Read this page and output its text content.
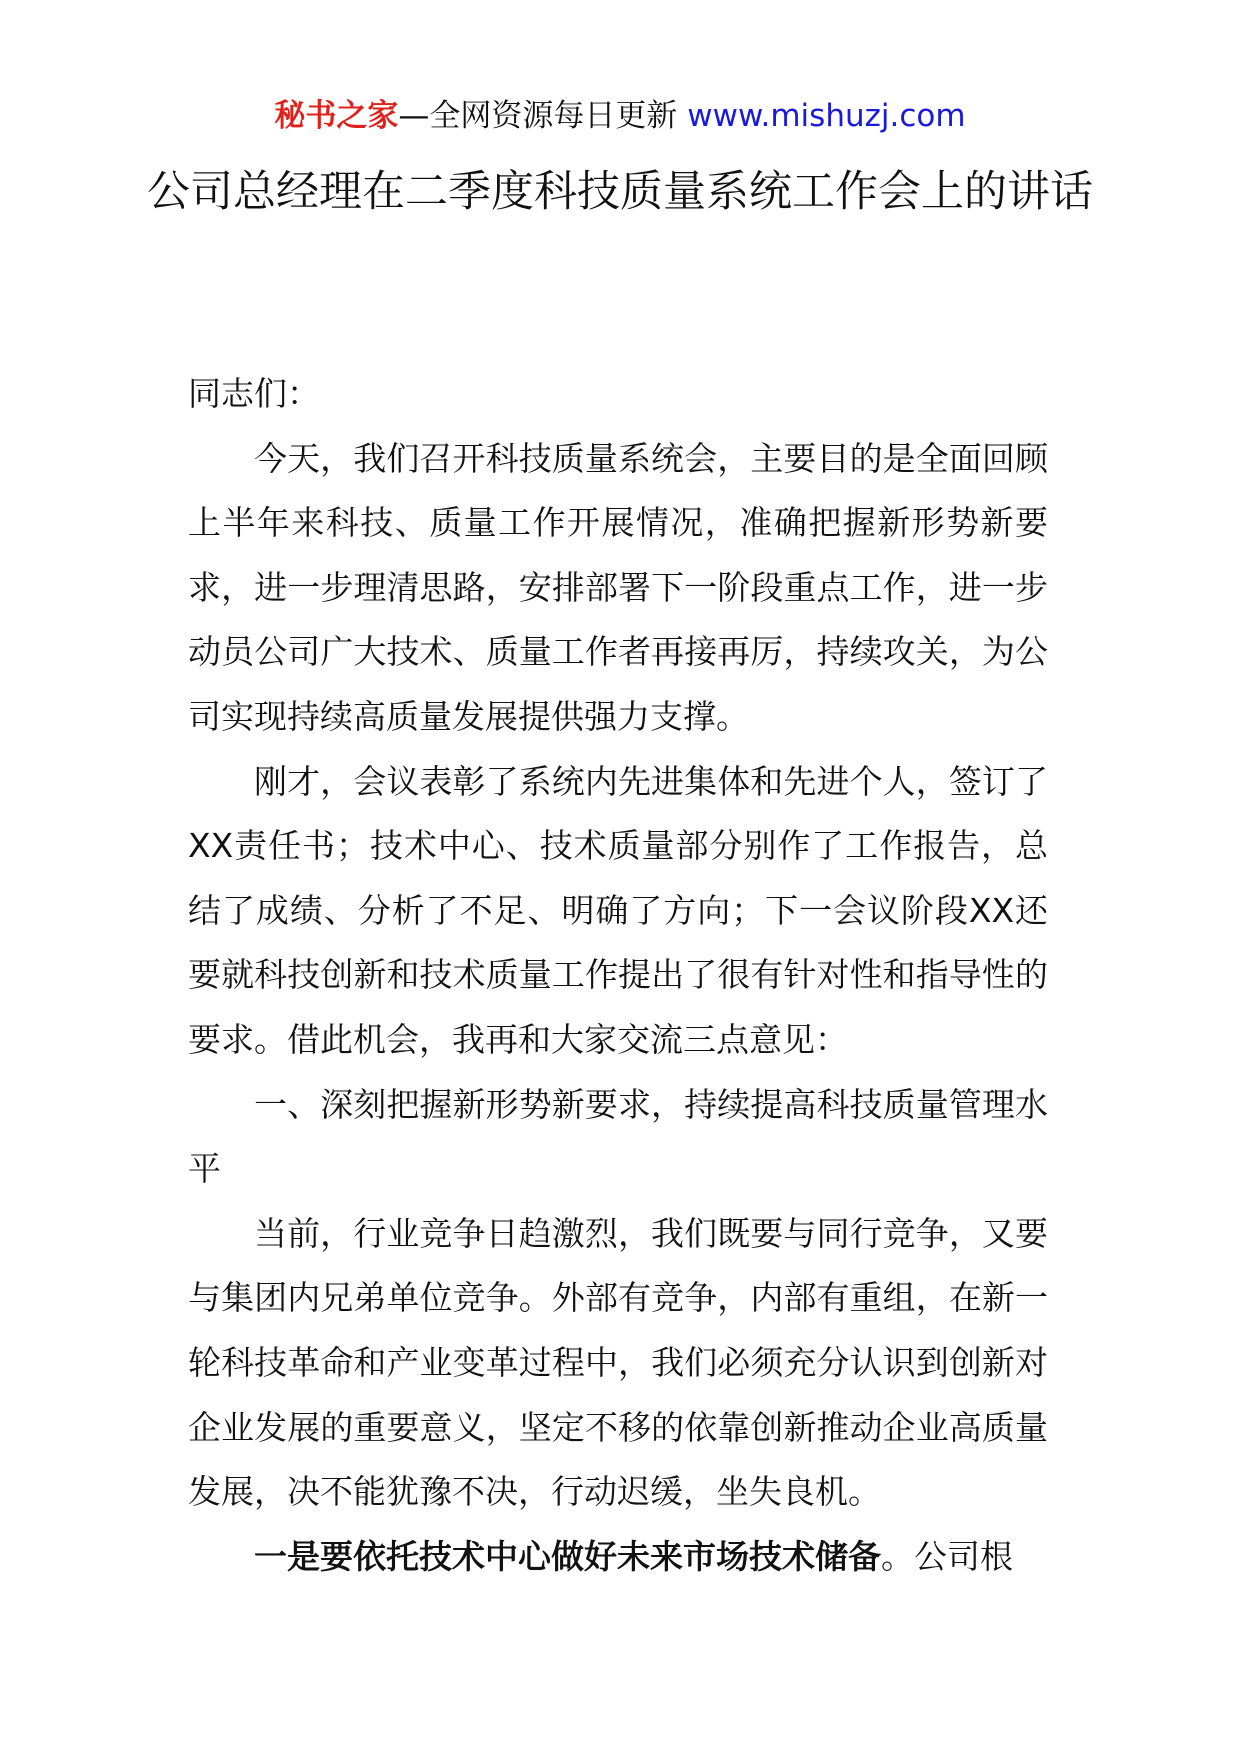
秘书之家—全网资源每日更新 www.mishuzj.com
公司总经理在二季度科技质量系统工作会上的讲话

同志们：

今天，我们召开科技质量系统会，主要目的是全面回顾上半年来科技、质量工作开展情况，准确把握新形势新要求，进一步理清思路，安排部署下一阶段重点工作，进一步动员公司广大技术、质量工作者再接再厉，持续攻关，为公司实现持续高质量发展提供强力支撑。

刚才，会议表彰了系统内先进集体和先进个人，签订了XX责任书；技术中心、技术质量部分别作了工作报告，总结了成绩、分析了不足、明确了方向；下一会议阶段XX还要就科技创新和技术质量工作提出了很有针对性和指导性的要求。借此机会，我再和大家交流三点意见：

一、深刻把握新形势新要求，持续提高科技质量管理水平

当前，行业竞争日趋激烈，我们既要与同行竞争，又要与集团内兄弟单位竞争。外部有竞争，内部有重组，在新一轮科技革命和产业变革过程中，我们必须充分认识到创新对企业发展的重要意义，坚定不移的依靠创新推动企业高质量发展，决不能犹豫不决，行动迟缓，坐失良机。

一是要依托技术中心做好未来市场技术储备。公司根
